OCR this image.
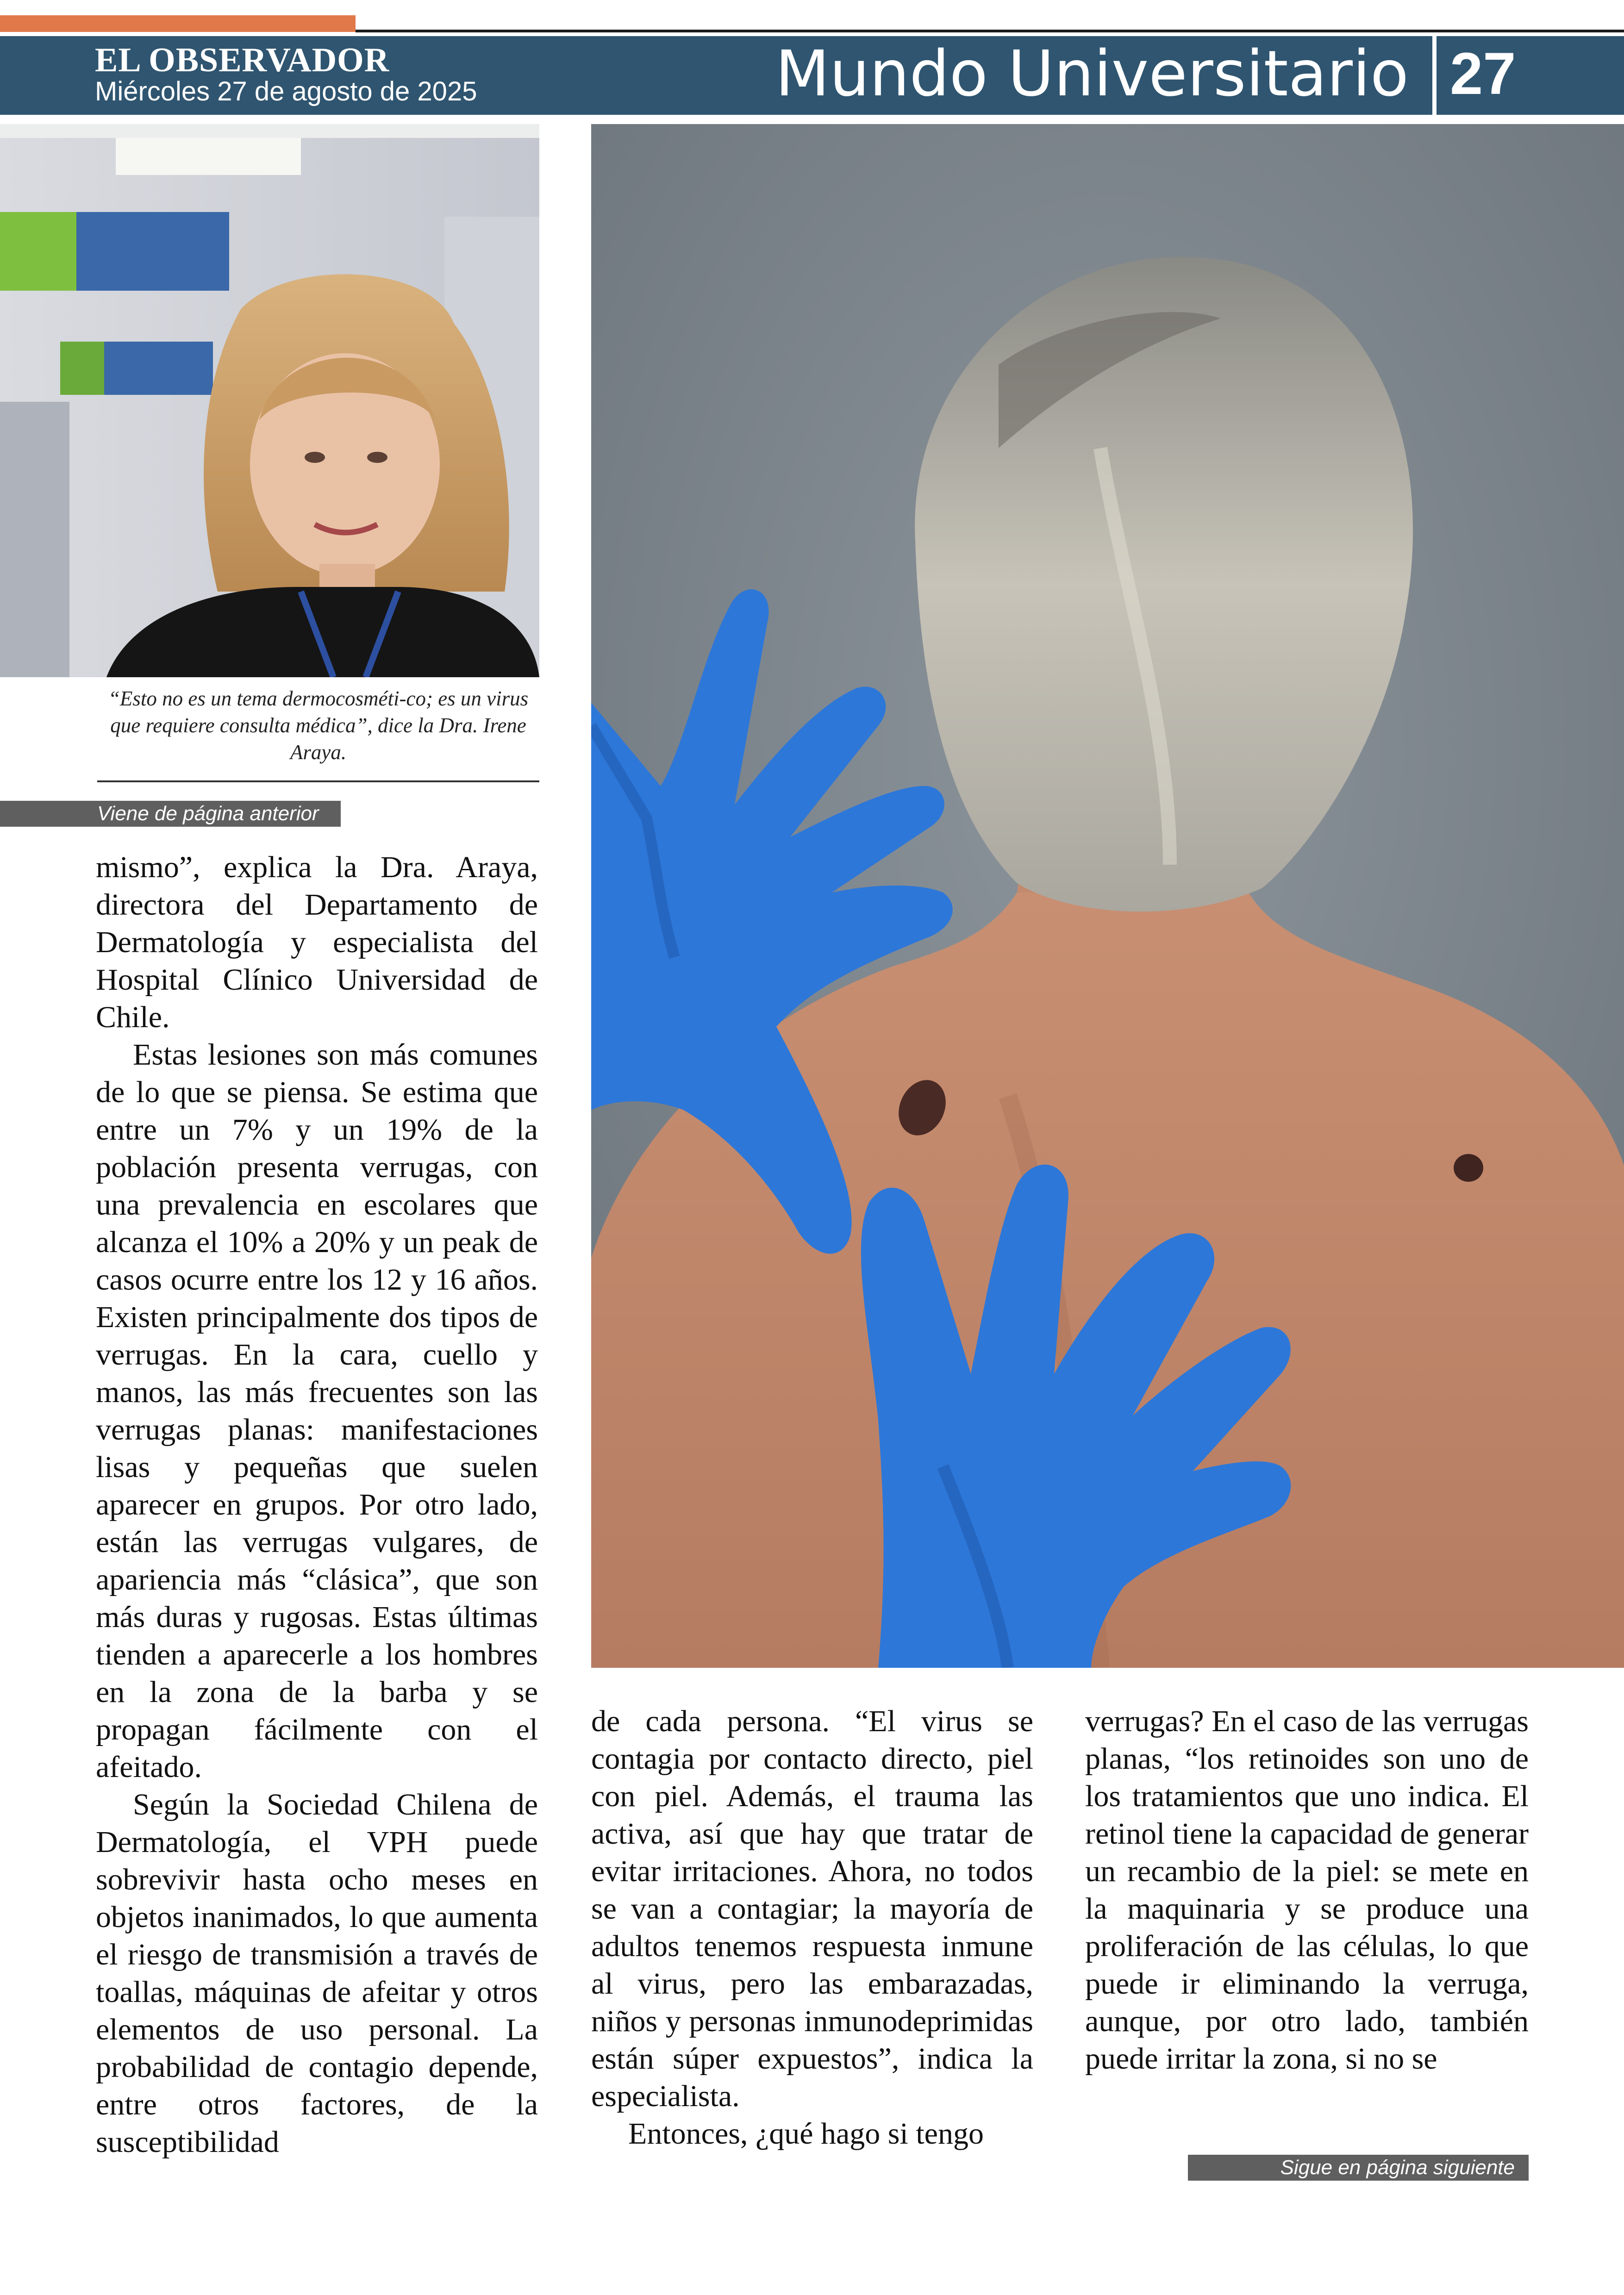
EL OBSERVADOR
Miércoles 27 de agosto de 2025	Mundo Universitario 27
“Esto no es un tema dermocosméti-co; es un virus que requiere consulta médica”, dice la Dra. Irene Araya.
Viene de página anterior

mismo”, explica la Dra. Araya, directora del Departamento de Dermatología y especialista del Hospital Clínico Universidad de Chile.

Estas lesiones son más comunes de lo que se piensa. Se estima que entre un 7% y un 19% de la población presenta verrugas, con una prevalencia en escolares que alcanza el 10% a 20% y un peak de casos ocurre entre los 12 y 16 años. Existen principalmente dos tipos de verrugas. En la cara, cuello y manos, las más frecuentes son las verrugas planas: manifestaciones lisas y pequeñas que suelen aparecer en grupos. Por otro lado, están las verrugas vulgares, de apariencia más “clásica”, que son más duras y rugosas. Estas últimas tienden a aparecerle a los hombres en la zona de la barba y se propagan fácilmente con el afeitado.

Según la Sociedad Chilena de Dermatología, el VPH puede sobrevivir hasta ocho meses en objetos inanimados, lo que aumenta el riesgo de transmisión a través de toallas, máquinas de afeitar y otros elementos de uso personal. La probabilidad de contagio depende, entre otros factores, de la susceptibilidad

de cada persona. “El virus se contagia por contacto directo, piel con piel. Además, el trauma las activa, así que hay que tratar de evitar irritaciones. Ahora, no todos se van a contagiar; la mayoría de adultos tenemos respuesta inmune al virus, pero las embarazadas, niños y personas inmunodeprimidas están súper expuestos”, indica la especialista.

Entonces, ¿qué hago si tengo

verrugas? En el caso de las verrugas planas, “los retinoides son uno de los tratamientos que uno indica. El retinol tiene la capacidad de generar un recambio de la piel: se mete en la maquinaria y se produce una proliferación de las células, lo que puede ir eliminando la verruga, aunque, por otro lado, también puede irritar la zona, si no se

Sigue en página siguiente
